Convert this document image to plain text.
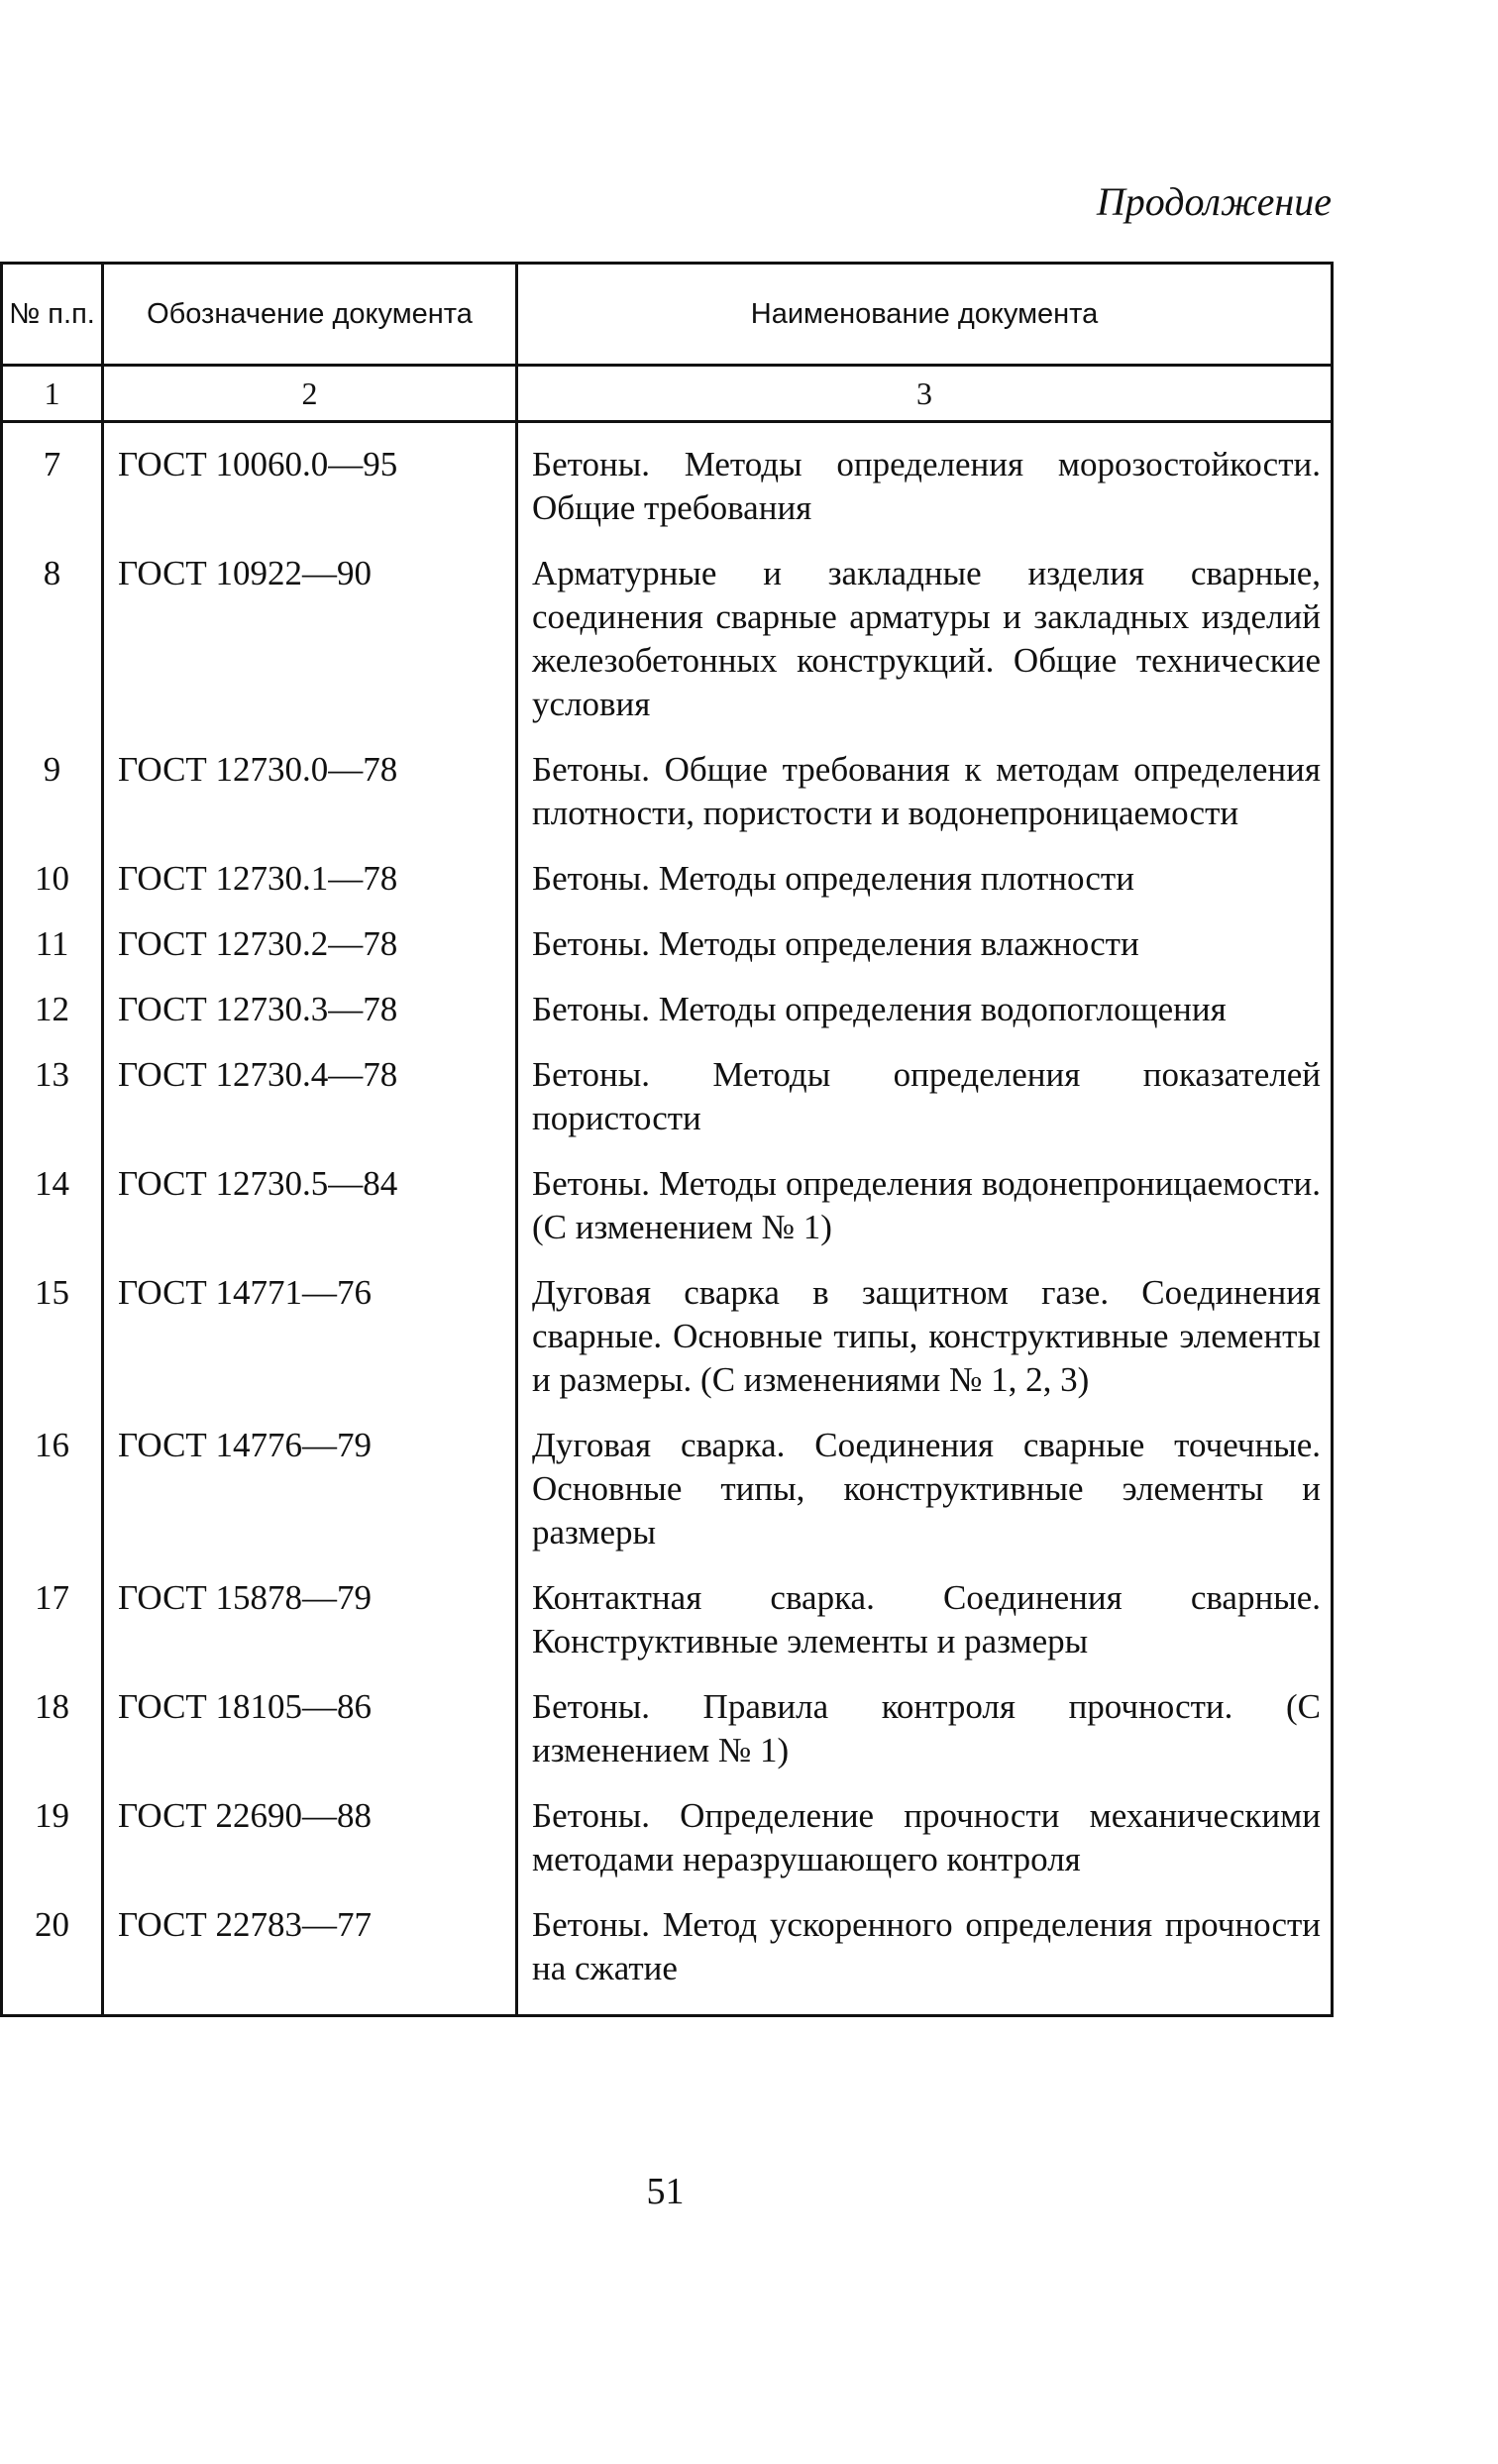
Продолжение
№ п.п.	Обозначение документа	Наименование документа
1	2	3
7	ГОСТ 10060.0—95	Бетоны. Методы определения морозостойкости. Общие требования
8	ГОСТ 10922—90	Арматурные и закладные изделия сварные, соединения сварные арматуры и закладных изделий железобетонных конструкций. Общие технические условия
9	ГОСТ 12730.0—78	Бетоны. Общие требования к методам определения плотности, пористости и водонепроницаемости
10	ГОСТ 12730.1—78	Бетоны. Методы определения плотности
11	ГОСТ 12730.2—78	Бетоны. Методы определения влажности
12	ГОСТ 12730.3—78	Бетоны. Методы определения водопоглощения
13	ГОСТ 12730.4—78	Бетоны. Методы определения показателей пористости
14	ГОСТ 12730.5—84	Бетоны. Методы определения водонепроницаемости. (С изменением № 1)
15	ГОСТ 14771—76	Дуговая сварка в защитном газе. Соединения сварные. Основные типы, конструктивные элементы и размеры. (С изменениями № 1, 2, 3)
16	ГОСТ 14776—79	Дуговая сварка. Соединения сварные точечные. Основные типы, конструктивные элементы и размеры
17	ГОСТ 15878—79	Контактная сварка. Соединения сварные. Конструктивные элементы и размеры
18	ГОСТ 18105—86	Бетоны. Правила контроля прочности. (С изменением № 1)
19	ГОСТ 22690—88	Бетоны. Определение прочности механическими методами неразрушающего контроля
20	ГОСТ 22783—77	Бетоны. Метод ускоренного определения прочности на сжатие
51
